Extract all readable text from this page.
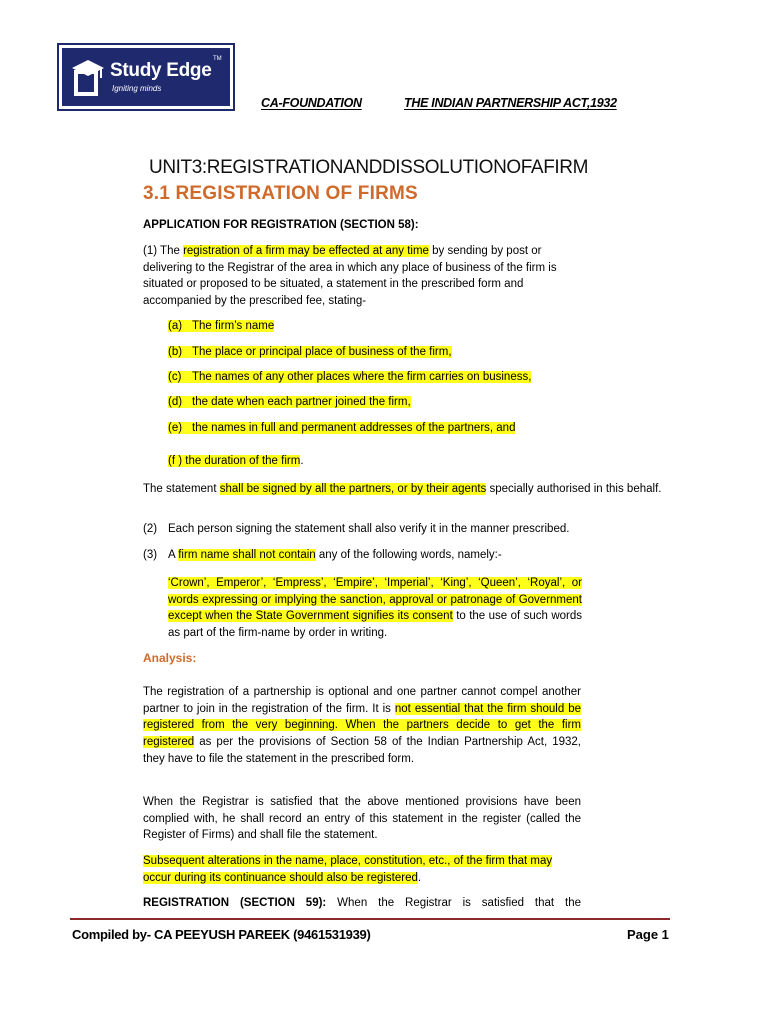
Study Edge
TM
Igniting minds
CA-FOUNDATION	THE INDIAN PARTNERSHIP ACT,1932
UNIT3:REGISTRATIONANDDISSOLUTIONOFAFIRM
3.1 REGISTRATION OF FIRMS
APPLICATION FOR REGISTRATION (SECTION 58):
(1) The registration of a firm may be effected at any time by sending by post or delivering to the Registrar of the area in which any place of business of the firm is situated or proposed to be situated, a statement in the prescribed form and accompanied by the prescribed fee, stating-
(a) The firm’s name
(b) The place or principal place of business of the firm,
(c) The names of any other places where the firm carries on business,
(d) the date when each partner joined the firm,
(e) the names in full and permanent addresses of the partners, and
(f ) the duration of the firm.
The statement shall be signed by all the partners, or by their agents specially authorised in this behalf.
(2) Each person signing the statement shall also verify it in the manner prescribed.
(3) A firm name shall not contain any of the following words, namely:-
‘Crown’, Emperor’, ‘Empress’, ‘Empire’, ‘Imperial’, ‘King’, ‘Queen’, ‘Royal’, or words expressing or implying the sanction, approval or patronage of Government except when the State Government signifies its consent to the use of such words as part of the firm-name by order in writing.
Analysis:
The registration of a partnership is optional and one partner cannot compel another partner to join in the registration of the firm. It is not essential that the firm should be registered from the very beginning. When the partners decide to get the firm registered as per the provisions of Section 58 of the Indian Partnership Act, 1932, they have to file the statement in the prescribed form.
When the Registrar is satisfied that the above mentioned provisions have been complied with, he shall record an entry of this statement in the register (called the Register of Firms) and shall file the statement.
Subsequent alterations in the name, place, constitution, etc., of the firm that may occur during its continuance should also be registered.
REGISTRATION (SECTION 59): When the Registrar is satisfied that the
Compiled by- CA PEEYUSH PAREEK (9461531939)	Page 1
